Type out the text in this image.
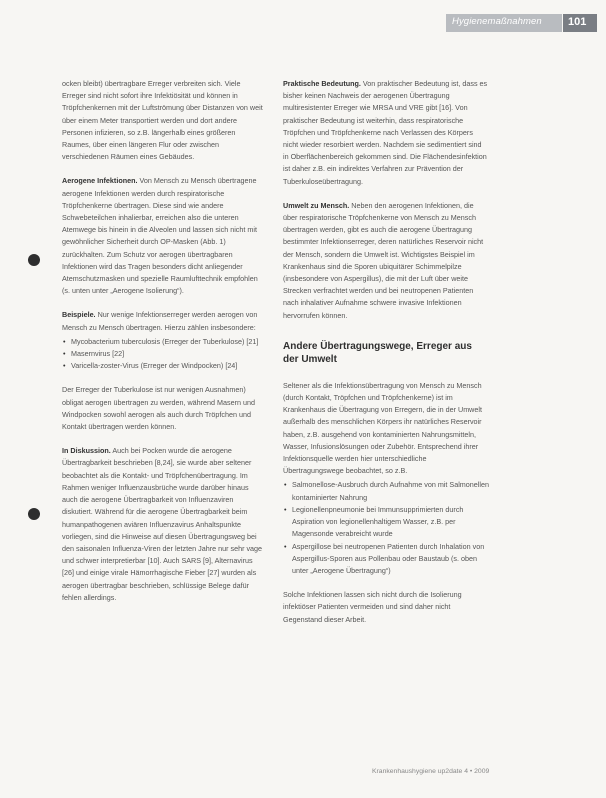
Hygienemaßnahmen 101

ocken bleibt) übertragbare Erreger verbreiten sich. Viele Erreger sind nicht sofort ihre Infektiösität und können in Tröpfchenkernen mit der Luftströmung über Distanzen von weit über einem Meter transportiert werden und dort andere Personen infizieren, so z.B. längerhalb eines größeren Raumes, über einen längeren Flur oder zwischen verschiedenen Räumen eines Gebäudes.

Aerogene Infektionen. Von Mensch zu Mensch übertragene aerogene Infektionen werden durch respiratorische Tröpfchenkerne übertragen. Diese sind wie andere Schwebeteilchen inhalierbar, erreichen also die unteren Atemwege bis hinein in die Alveolen und lassen sich nicht mit gewöhnlicher Sicherheit durch OP-Masken (Abb. 1) zurückhalten. Zum Schutz vor aerogen übertragbaren Infektionen wird das Tragen besonders dicht anliegender Atemschutzmasken und spezielle Raumlufttechnik empfohlen (s. unten unter „Aerogene Isolierung“).

Beispiele. Nur wenige Infektionserreger werden aerogen von Mensch zu Mensch übertragen. Hierzu zählen insbesondere:

• Mycobacterium tuberculosis (Erreger der Tuberkulose) [21]
• Masernvirus [22]
• Varicella-zoster-Virus (Erreger der Windpocken) [24]

Der Erreger der Tuberkulose ist nur wenigen Ausnahmen) obligat aerogen übertragen zu werden, während Masern und Windpocken sowohl aerogen als auch durch Tröpfchen und Kontakt übertragen werden können.

In Diskussion. Auch bei Pocken wurde die aerogene Übertragbarkeit beschrieben [8,24], sie wurde aber seltener beobachtet als die Kontakt- und Tröpfchenübertragung. Im Rahmen weniger Influenzausbrüche wurde darüber hinaus auch die aerogene Übertragbarkeit von Influenzaviren diskutiert. Während für die aerogene Übertragbarkeit beim humanpathogenen aviären Influenzavirus Anhaltspunkte vorliegen, sind die Hinweise auf diesen Übertragungsweg bei den saisonalen Influenza-Viren der letzten Jahre nur sehr vage und schwer interpretierbar [10]. Auch SARS [9], Alternavirus [26] und einige virale Hämorrhagische Fieber [27] wurden als aerogen übertragbar beschrieben, schlüssige Belege dafür fehlen allerdings.

Praktische Bedeutung. Von praktischer Bedeutung ist, dass es bisher keinen Nachweis der aerogenen Übertragung multiresistenter Erreger wie MRSA und VRE gibt [16]. Von praktischer Bedeutung ist weiterhin, dass respiratorische Tröpfchen und Tröpfchenkerne nach Verlassen des Körpers nicht wieder resorbiert werden. Nachdem sie sedimentiert sind in Oberflächenbereich gekommen sind. Die Flächendesinfektion ist daher z.B. ein indirektes Verfahren zur Prävention der Tuberkuloseübertragung.

Umwelt zu Mensch. Neben den aerogenen Infektionen, die über respiratorische Tröpfchenkerne von Mensch zu Mensch übertragen werden, gibt es auch die aerogene Übertragung bestimmter Infektionserreger, deren natürliches Reservoir nicht der Mensch, sondern die Umwelt ist. Wichtigstes Beispiel im Krankenhaus sind die Sporen ubiquitärer Schimmelpilze (insbesondere von Aspergillus), die mit der Luft über weite Strecken verfrachtet werden und bei neutropenen Patienten nach inhalativer Aufnahme schwere invasive Infektionen hervorrufen können.

Andere Übertragungswege, Erreger aus der Umwelt

Seltener als die Infektionsübertragung von Mensch zu Mensch (durch Kontakt, Tröpfchen und Tröpfchenkerne) ist im Krankenhaus die Übertragung von Erregern, die in der Umwelt außerhalb des menschlichen Körpers ihr natürliches Reservoir haben, z.B. ausgehend von kontaminierten Nahrungsmitteln, Wasser, Infusionslösungen oder Zubehör. Entsprechend ihrer Infektionsquelle werden hier unterschiedliche Übertragungswege beobachtet, so z.B.

• Salmonellose-Ausbruch durch Aufnahme von mit Salmonellen kontaminierter Nahrung
• Legionellenpneumonie bei Immunsupprimierten durch Aspiration von legionellenhaltigem Wasser, z.B. per Magensonde verabreicht wurde
• Aspergillose bei neutropenen Patienten durch Inhalation von Aspergillus-Sporen aus Pollenbau oder Baustaub (s. oben unter „Aerogene Übertragung“)

Solche Infektionen lassen sich nicht durch die Isolierung infektiöser Patienten vermeiden und sind daher nicht Gegenstand dieser Arbeit.

Krankenhaushygiene up2date 4 • 2009
